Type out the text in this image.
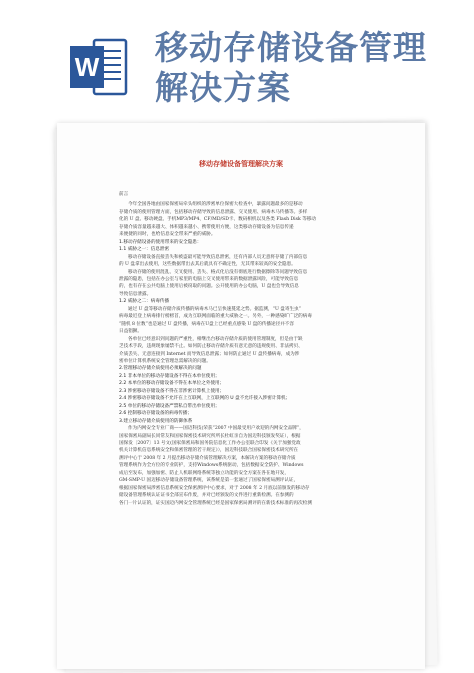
W 移动存储设备管理
解决方案
移动存储设备管理解决方案

前言

今年全国各地由国家保密局牵头组织的涉密单位保密大检查中，暴露问题最多的是移动

存储介质的使用管理方面，包括移动存储导致的信息泄露、交叉使用、病毒木马传播等。多样

化的 U 盘、移动硬盘、手机MP3/MP4、CF/MD/SD卡、数码相机以及各类 Flash Disk 等移动

存储介质容量越来越大、体积越来越小、携带使用方便，这类移动存储设备为信息传递

来便捷的同时，也给信息安全带来严重的威胁。

1.移动存储设备的使用带来的安全隐患：

1.1 威胁之一：信息泄密

移动存储设备直接丢失和被盗最可能导致信息泄密，还有内部人员无意将存储了内部信息

的 U 盘拿出去使用，这些数据带出去其后就具有不确定性，无其带来较高的安全隐患。

移动存储的使用混乱、交叉使用、丢失、格式化后没有彻底进行数据擦除等问题导致信息

泄露的隐患，包括在办公室与家里的电脑上交叉使用带来的数据泄露风险，可能导致信息

的，也有存在公共电脑上使用后被窃取的问题。公开使用的办公电脑，U 盘也会导致信息

导致信息泄露。

1.2 威胁之二：病毒传播

通过 U 盘等移动存储介质传播的病毒木马已呈快速蔓延之势。据监测，“U 盘寄生虫”

病毒最近登上病毒排行榜榜首，成为互联网面临的重大威胁之一。另外，一种感染旷广泛的病毒

“随机 8 位数”也是通过 U 盘传播，病毒在U盘上已经重点感染 U 盘的传播途径并不容

日益猖獗。

各单位已经意识到问题的严重性，相继出台移动存储介质的使用管理制度，但是由于缺

乏技术手段，违规现象屡禁不止。如何防止移动存储介质有意无意的违规使用、非法拷贝、

介质丢失、无意连接到 Internet 而导致信息泄露；如何防止通过 U 盘传播病毒，成为涉

密单位计算机系统安全管理急需解决的问题。

2.管理移动存储介质使用必须解决的问题

2.1 非本单位的移动存储设备不得在本单位使用；

2.2 本单位的移动存储设备不得在本单位之外使用；

2.3 涉密移动存储设备不得在非涉密计算机上使用；

2.4 涉密移动存储设备不允许在上互联网，上互联网的 U 盘不允许接入涉密计算机；

2.5 单位的移动存储设备严禁私自带出单位使用；

2.6 控制移动存储设备的病毒传播；

3.建立移动存储介质使用的防御体系

作为内网安全专业厂商——国迈科技(荣获“2007 中国最受用户欢迎的内网安全品牌”，

国家保密局副局长同常友和国家保密技术研究所所长杜虹亲自为国迈科技颁发奖证），根据

国保发〔2007〕13 号文(国家保密局和国务院信息化工作办公室联合印发《关于加强党政

机关计算机信息系统安全和保密管理的若干规定》），国迈科技联合国家保密技术研究所在

测评中心于 2008 年 2 月提出移动存储介质管理解决方案，本解决方案的移动存储介质

管理系统作为全方位的专业防护，支持Windows系统驱动，包括数据安全防护、Windows

成后至发布，加强加密、防止人机联网络系统等独立功能的安全方案在各在地开发，

GM-SMP-U 国迈移动存储设备管理系统，该系统是第一套通过了国家保密局测评认证，

根据国家保密局涉密信息系统安全保密测评中心要求，对于 2008 年 2 月底以前颁发的移动存

储设备管理系统认证证书全部宣布作废，并对已经颁发的文件进行重新检测。在参测的

各门一片认证的，证实国迈内网安全管理系统已经是国家保密局测评的在新技术标准的再次检测
